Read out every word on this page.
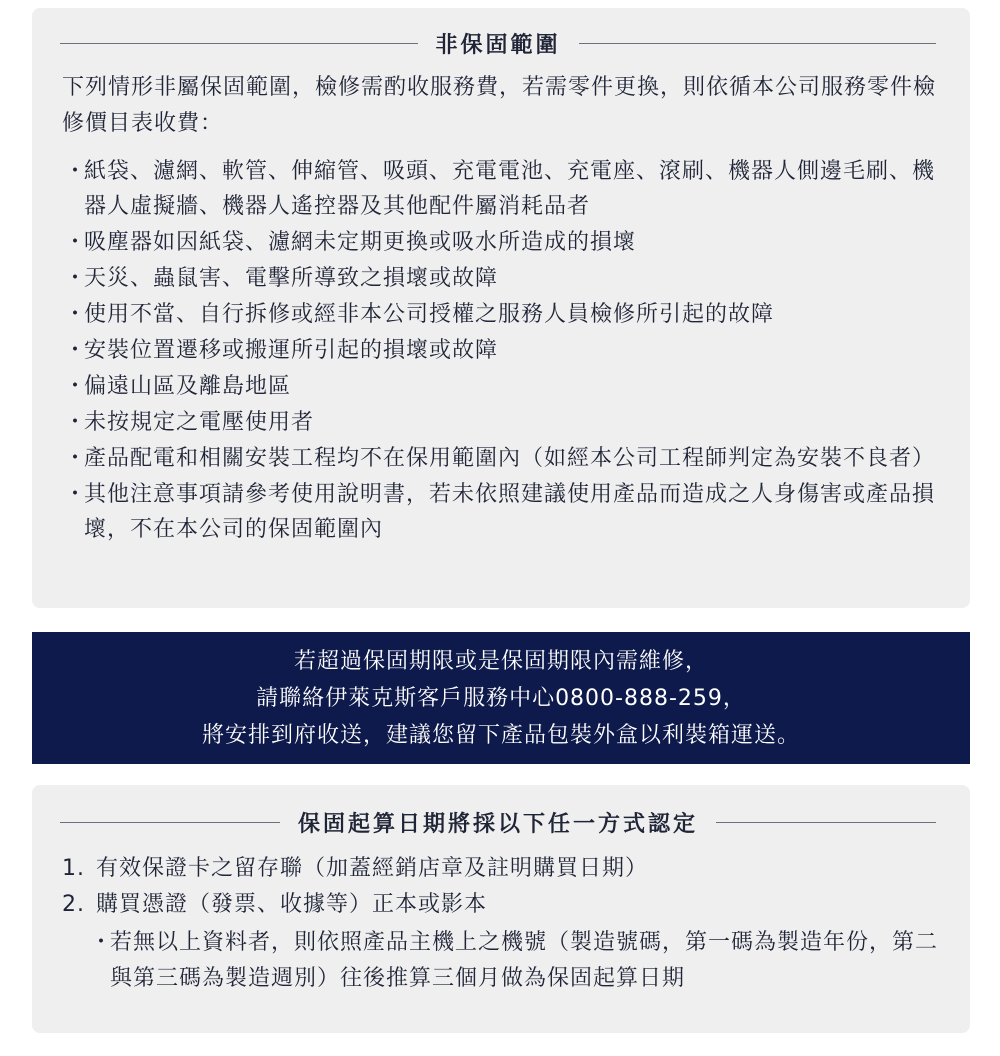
非保固範圍

下列情形非屬保固範圍，檢修需酌收服務費，若需零件更換，則依循本公司服務零件檢修價目表收費：

・
紙袋、濾網、軟管、伸縮管、吸頭、充電電池、充電座、滾刷、機器人側邊毛刷、機器人虛擬牆、機器人遙控器及其他配件屬消耗品者
・
吸塵器如因紙袋、濾網未定期更換或吸水所造成的損壞
・
天災、蟲鼠害、電擊所導致之損壞或故障
・
使用不當、自行拆修或經非本公司授權之服務人員檢修所引起的故障
・
安裝位置遷移或搬運所引起的損壞或故障
・
偏遠山區及離島地區
・
未按規定之電壓使用者
・
產品配電和相關安裝工程均不在保用範圍內（如經本公司工程師判定為安裝不良者）
・
其他注意事項請參考使用說明書，若未依照建議使用產品而造成之人身傷害或產品損壞，不在本公司的保固範圍內

若超過保固期限或是保固期限內需維修，

請聯絡伊萊克斯客戶服務中心0800-888-259，

將安排到府收送，建議您留下產品包裝外盒以利裝箱運送。

保固起算日期將採以下任一方式認定
1. 有效保證卡之留存聯（加蓋經銷店章及註明購買日期）
2. 購買憑證（發票、收據等）正本或影本
・
若無以上資料者，則依照產品主機上之機號（製造號碼，第一碼為製造年份，第二與第三碼為製造週別）往後推算三個月做為保固起算日期
